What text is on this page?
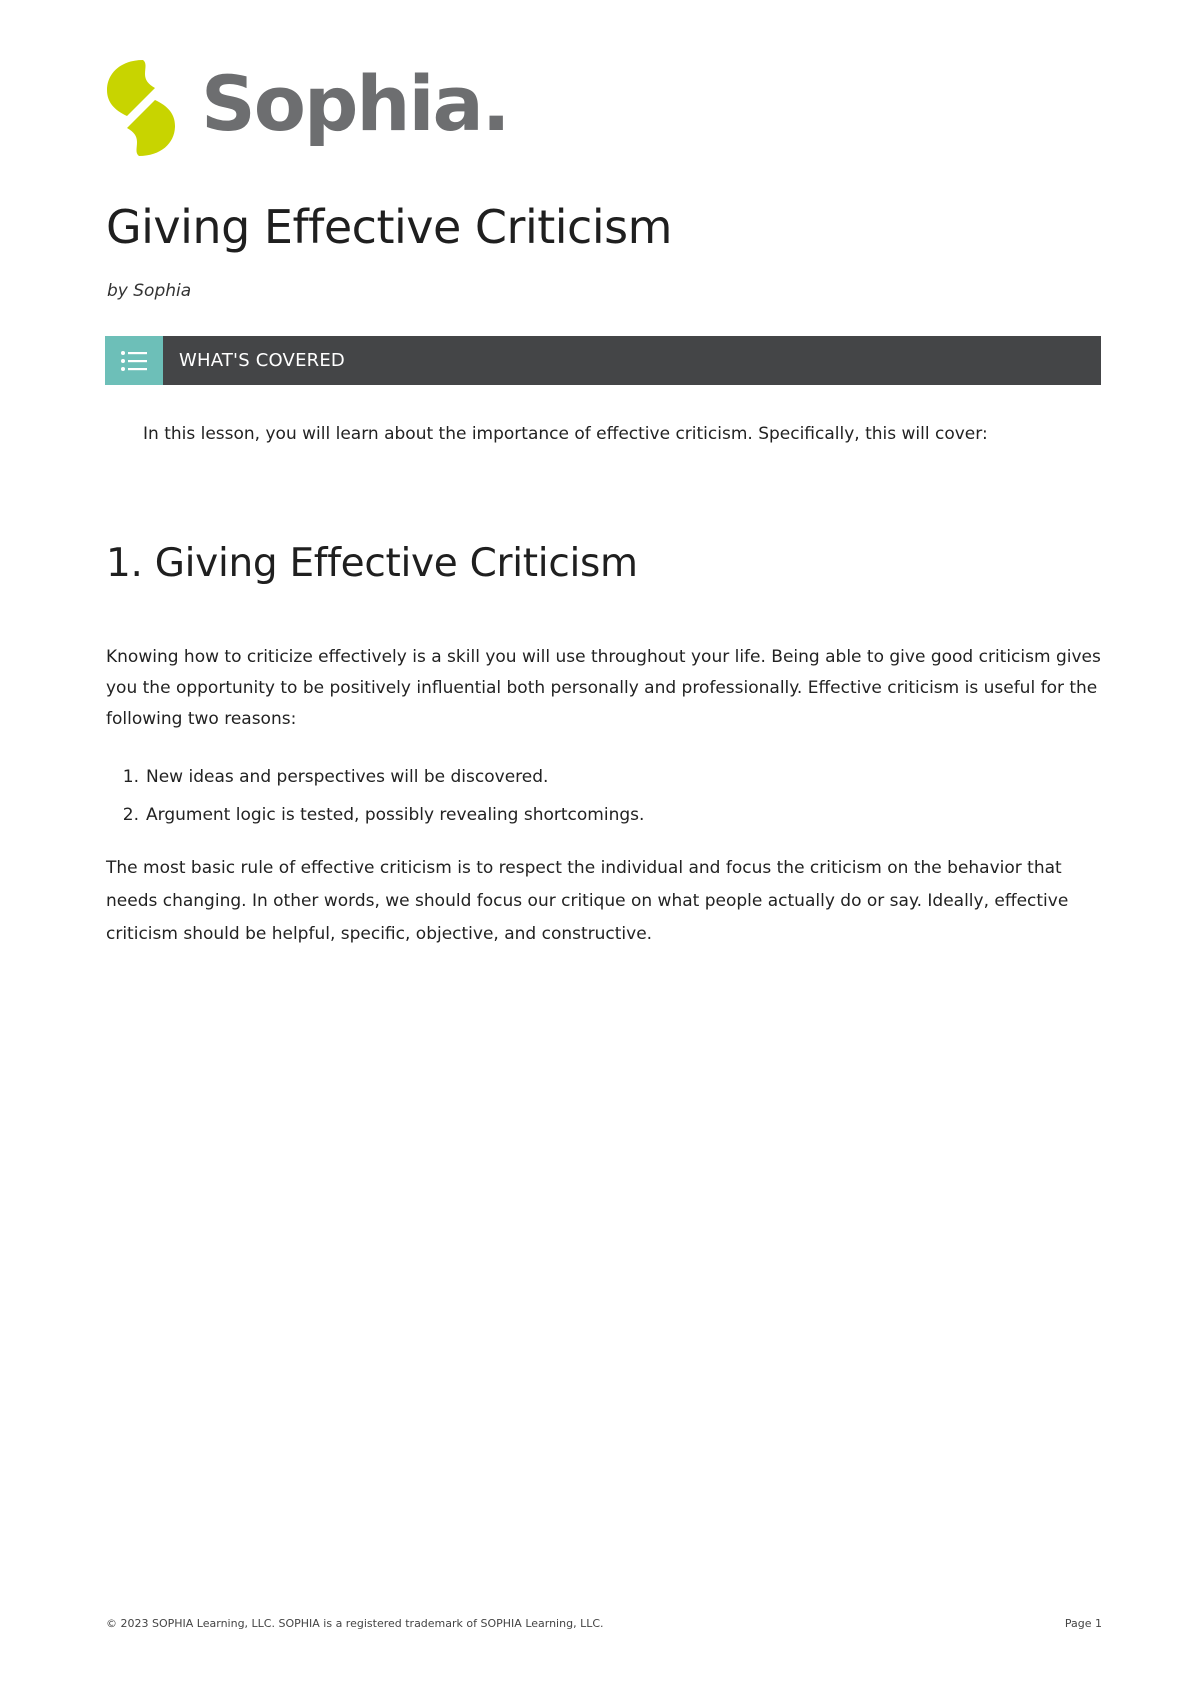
Sophia.
Giving Effective Criticism
by Sophia
WHAT'S COVERED
In this lesson, you will learn about the importance of effective criticism. Specifically, this will cover:
1. Giving Effective Criticism

Knowing how to criticize effectively is a skill you will use throughout your life. Being able to give good criticism gives you the opportunity to be positively influential both personally and professionally. Effective criticism is useful for the following two reasons:

1. New ideas and perspectives will be discovered.
2. Argument logic is tested, possibly revealing shortcomings.

The most basic rule of effective criticism is to respect the individual and focus the criticism on the behavior that needs changing. In other words, we should focus our critique on what people actually do or say. Ideally, effective criticism should be helpful, specific, objective, and constructive.

© 2023 SOPHIA Learning, LLC. SOPHIA is a registered trademark of SOPHIA Learning, LLC.	Page 1
